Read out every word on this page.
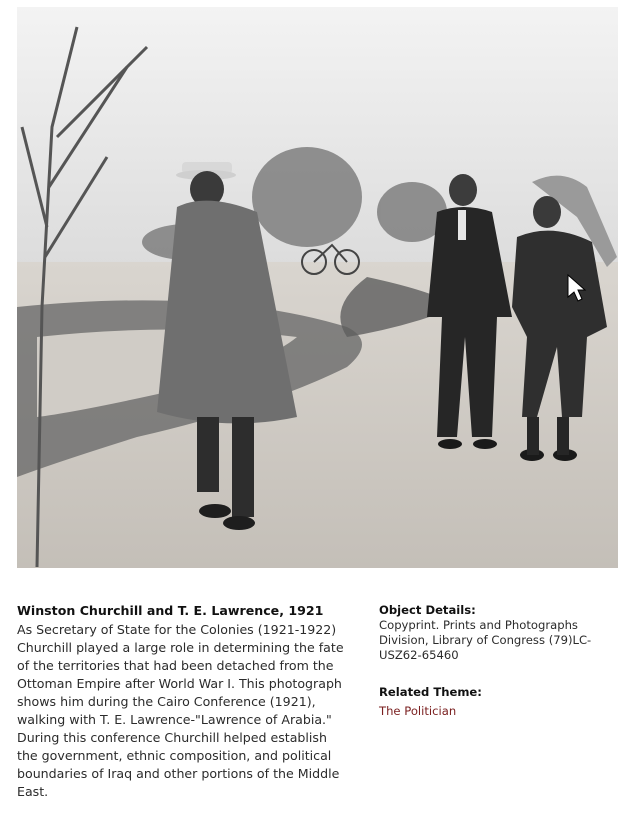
Winston Churchill and T. E. Lawrence, 1921

As Secretary of State for the Colonies (1921-1922) Churchill played a large role in determining the fate of the territories that had been detached from the Ottoman Empire after World War I. This photograph shows him during the Cairo Conference (1921), walking with T. E. Lawrence-"Lawrence of Arabia." During this conference Churchill helped establish the government, ethnic composition, and political boundaries of Iraq and other portions of the Middle East.

Object Details:

Copyprint. Prints and Photographs Division, Library of Congress (79)LC-USZ62-65460

Related Theme:
The Politician
